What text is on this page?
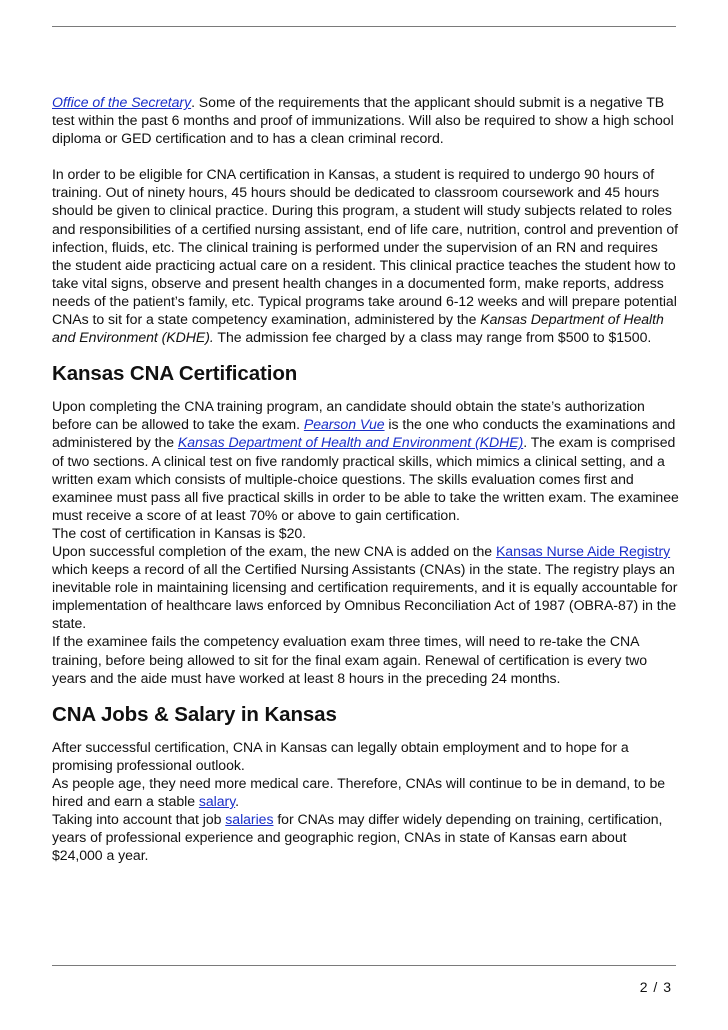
Office of the Secretary. Some of the requirements that the applicant should submit is a negative TB test within the past 6 months and proof of immunizations. Will also be required to show a high school diploma or GED certification and to has a clean criminal record.

In order to be eligible for CNA certification in Kansas, a student is required to undergo 90 hours of training. Out of ninety hours, 45 hours should be dedicated to classroom coursework and 45 hours should be given to clinical practice. During this program, a student will study subjects related to roles and responsibilities of a certified nursing assistant, end of life care, nutrition, control and prevention of infection, fluids, etc. The clinical training is performed under the supervision of an RN and requires the student aide practicing actual care on a resident. This clinical practice teaches the student how to take vital signs, observe and present health changes in a documented form, make reports, address needs of the patient’s family, etc. Typical programs take around 6-12 weeks and will prepare potential CNAs to sit for a state competency examination, administered by the Kansas Department of Health and Environment (KDHE). The admission fee charged by a class may range from $500 to $1500.

Kansas CNA Certification

Upon completing the CNA training program, an candidate should obtain the state’s authorization before can be allowed to take the exam. Pearson Vue is the one who conducts the examinations and administered by the Kansas Department of Health and Environment (KDHE). The exam is comprised of two sections. A clinical test on five randomly practical skills, which mimics a clinical setting, and a written exam which consists of multiple-choice questions. The skills evaluation comes first and examinee must pass all five practical skills in order to be able to take the written exam. The examinee must receive a score of at least 70% or above to gain certification.

The cost of certification in Kansas is $20.

Upon successful completion of the exam, the new CNA is added on the Kansas Nurse Aide Registry which keeps a record of all the Certified Nursing Assistants (CNAs) in the state. The registry plays an inevitable role in maintaining licensing and certification requirements, and it is equally accountable for implementation of healthcare laws enforced by Omnibus Reconciliation Act of 1987 (OBRA-87) in the state.

If the examinee fails the competency evaluation exam three times, will need to re-take the CNA training, before being allowed to sit for the final exam again. Renewal of certification is every two years and the aide must have worked at least 8 hours in the preceding 24 months.

CNA Jobs & Salary in Kansas

After successful certification, CNA in Kansas can legally obtain employment and to hope for a promising professional outlook.

As people age, they need more medical care. Therefore, CNAs will continue to be in demand, to be hired and earn a stable salary.

Taking into account that job salaries for CNAs may differ widely depending on training, certification, years of professional experience and geographic region, CNAs in state of Kansas earn about $24,000 a year.

2 / 3
